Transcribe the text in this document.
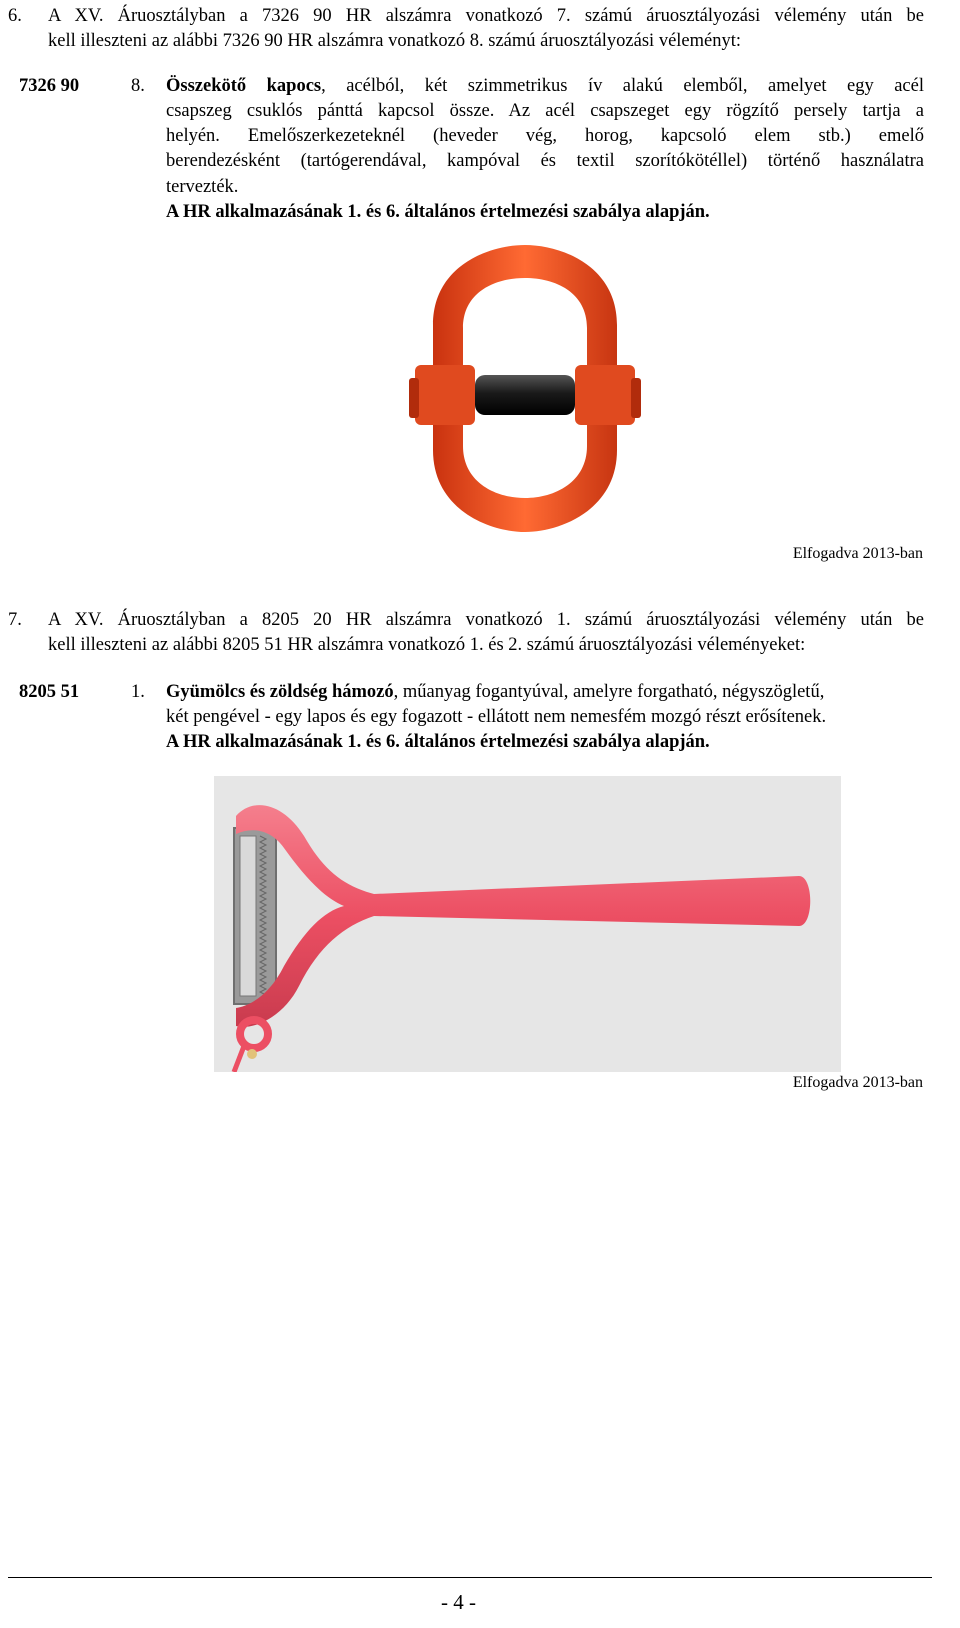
6. A XV. Áruosztályban a 7326 90 HR alszámra vonatkozó 7. számú áruosztályozási vélemény után be
kell illeszteni az alábbi 7326 90 HR alszámra vonatkozó 8. számú áruosztályozási véleményt:
7326 90	8. Összekötő kapocs, acélból, két szimmetrikus ív alakú elemből, amelyet egy acél
csapszeg csuklós pánttá kapcsol össze. Az acél csapszeget egy rögzítő persely tartja a
helyén. Emelőszerkezeteknél (heveder vég, horog, kapcsoló elem stb.) emelő
berendezésként (tartógerendával, kampóval és textil szorítókötéllel) történő használatra
tervezték.
A HR alkalmazásának 1. és 6. általános értelmezési szabálya alapján.
Elfogadva 2013-ban
7. A XV. Áruosztályban a 8205 20 HR alszámra vonatkozó 1. számú áruosztályozási vélemény után be
kell illeszteni az alábbi 8205 51 HR alszámra vonatkozó 1. és 2. számú áruosztályozási véleményeket:
8205 51	1. Gyümölcs és zöldség hámozó, műanyag fogantyúval, amelyre forgatható, négyszögletű,
két pengével - egy lapos és egy fogazott - ellátott nem nemesfém mozgó részt erősítenek.
A HR alkalmazásának 1. és 6. általános értelmezési szabálya alapján.
Elfogadva 2013-ban
- 4 -
